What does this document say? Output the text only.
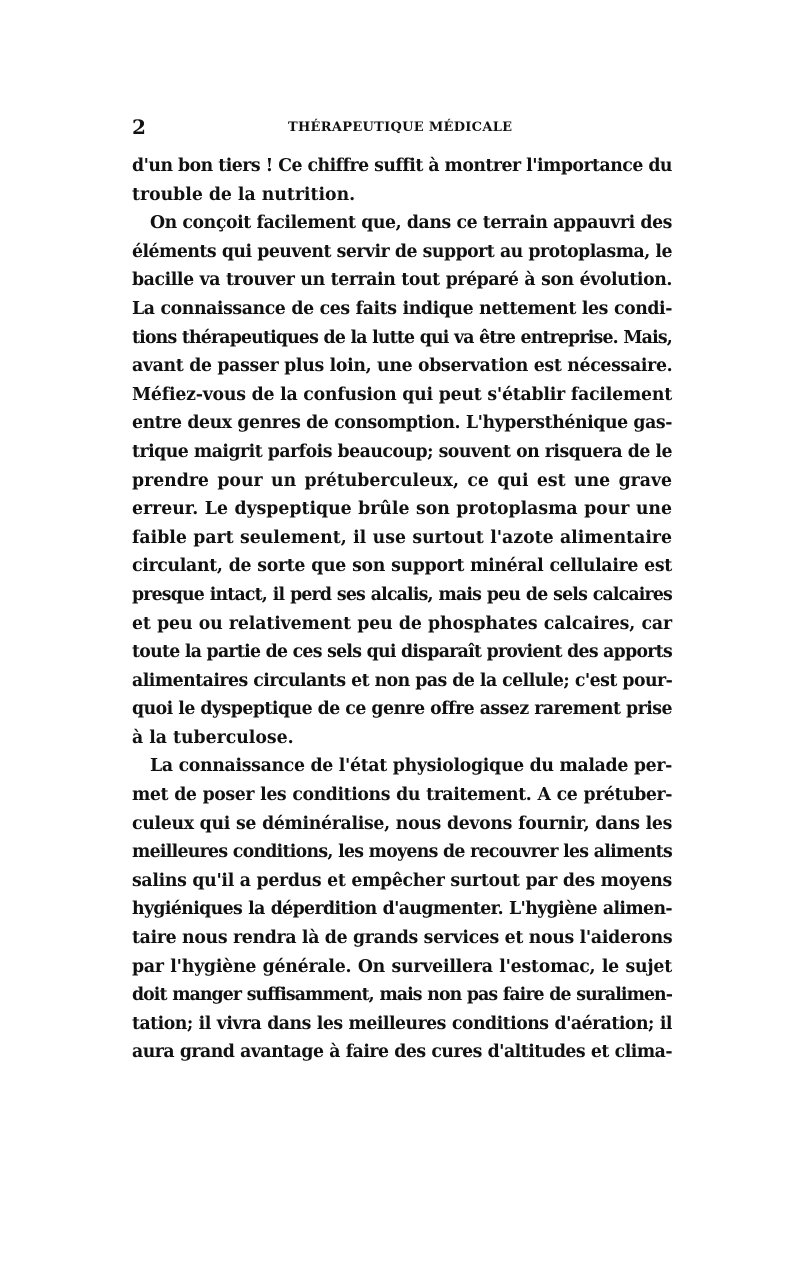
2	THÉRAPEUTIQUE MÉDICALE
d'un bon tiers ! Ce chiffre suffit à montrer l'importance du
trouble de la nutrition.
On conçoit facilement que, dans ce terrain appauvri des
éléments qui peuvent servir de support au protoplasma, le
bacille va trouver un terrain tout préparé à son évolution.
La connaissance de ces faits indique nettement les condi-
tions thérapeutiques de la lutte qui va être entreprise. Mais,
avant de passer plus loin, une observation est nécessaire.
Méfiez-vous de la confusion qui peut s'établir facilement
entre deux genres de consomption. L'hypersthénique gas-
trique maigrit parfois beaucoup; souvent on risquera de le
prendre pour un prétuberculeux, ce qui est une grave
erreur. Le dyspeptique brûle son protoplasma pour une
faible part seulement, il use surtout l'azote alimentaire
circulant, de sorte que son support minéral cellulaire est
presque intact, il perd ses alcalis, mais peu de sels calcaires
et peu ou relativement peu de phosphates calcaires, car
toute la partie de ces sels qui disparaît provient des apports
alimentaires circulants et non pas de la cellule; c'est pour-
quoi le dyspeptique de ce genre offre assez rarement prise
à la tuberculose.
La connaissance de l'état physiologique du malade per-
met de poser les conditions du traitement. A ce prétuber-
culeux qui se déminéralise, nous devons fournir, dans les
meilleures conditions, les moyens de recouvrer les aliments
salins qu'il a perdus et empêcher surtout par des moyens
hygiéniques la déperdition d'augmenter. L'hygiène alimen-
taire nous rendra là de grands services et nous l'aiderons
par l'hygiène générale. On surveillera l'estomac, le sujet
doit manger suffisamment, mais non pas faire de suralimen-
tation; il vivra dans les meilleures conditions d'aération; il
aura grand avantage à faire des cures d'altitudes et clima-
